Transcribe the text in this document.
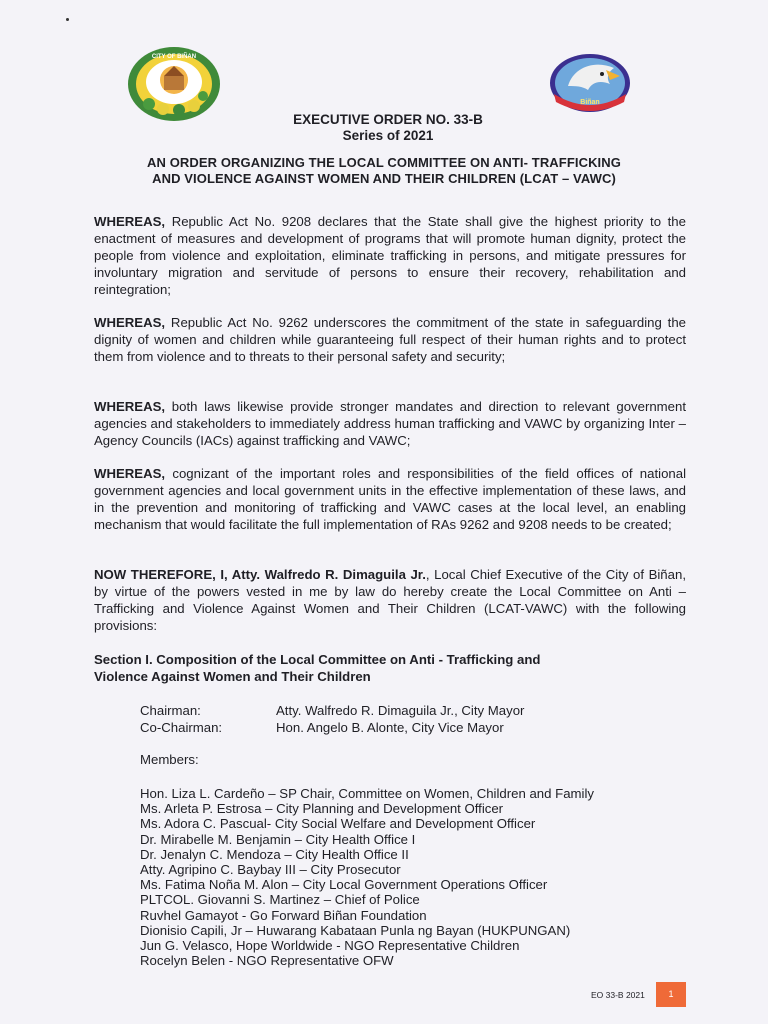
CITY OF BIÑAN
Biñan
EXECUTIVE ORDER NO. 33-B
Series of 2021
AN ORDER ORGANIZING THE LOCAL COMMITTEE ON ANTI- TRAFFICKING
AND VIOLENCE AGAINST WOMEN AND THEIR CHILDREN (LCAT – VAWC)
WHEREAS, Republic Act No. 9208 declares that the State shall give the highest priority to the enactment of measures and development of programs that will promote human dignity, protect the people from violence and exploitation, eliminate trafficking in persons, and mitigate pressures for involuntary migration and servitude of persons to ensure their recovery, rehabilitation and reintegration;
WHEREAS, Republic Act No. 9262 underscores the commitment of the state in safeguarding the dignity of women and children while guaranteeing full respect of their human rights and to protect them from violence and to threats to their personal safety and security;
WHEREAS, both laws likewise provide stronger mandates and direction to relevant government agencies and stakeholders to immediately address human trafficking and VAWC by organizing Inter – Agency Councils (IACs) against trafficking and VAWC;
WHEREAS, cognizant of the important roles and responsibilities of the field offices of national government agencies and local government units in the effective implementation of these laws, and in the prevention and monitoring of trafficking and VAWC cases at the local level, an enabling mechanism that would facilitate the full implementation of RAs 9262 and 9208 needs to be created;
NOW THEREFORE, I, Atty. Walfredo R. Dimaguila Jr., Local Chief Executive of the City of Biñan, by virtue of the powers vested in me by law do hereby create the Local Committee on Anti – Trafficking and Violence Against Women and Their Children (LCAT-VAWC) with the following provisions:
Section I. Composition of the Local Committee on Anti - Trafficking and
Violence Against Women and Their Children
Chairman:	Atty. Walfredo R. Dimaguila Jr., City Mayor
Co-Chairman:	Hon. Angelo B. Alonte, City Vice Mayor
Members:
Hon. Liza L. Cardeño – SP Chair, Committee on Women, Children and Family
Ms. Arleta P. Estrosa – City Planning and Development Officer
Ms. Adora C. Pascual- City Social Welfare and Development Officer
Dr. Mirabelle M. Benjamin – City Health Office I
Dr. Jenalyn C. Mendoza – City Health Office II
Atty. Agripino C. Baybay III – City Prosecutor
Ms. Fatima Noña M. Alon – City Local Government Operations Officer
PLTCOL. Giovanni S. Martinez – Chief of Police
Ruvhel Gamayot - Go Forward Biñan Foundation
Dionisio Capili, Jr – Huwarang Kabataan Punla ng Bayan (HUKPUNGAN)
Jun G. Velasco, Hope Worldwide - NGO Representative Children
Rocelyn Belen - NGO Representative OFW
EO 33-B 2021	1
